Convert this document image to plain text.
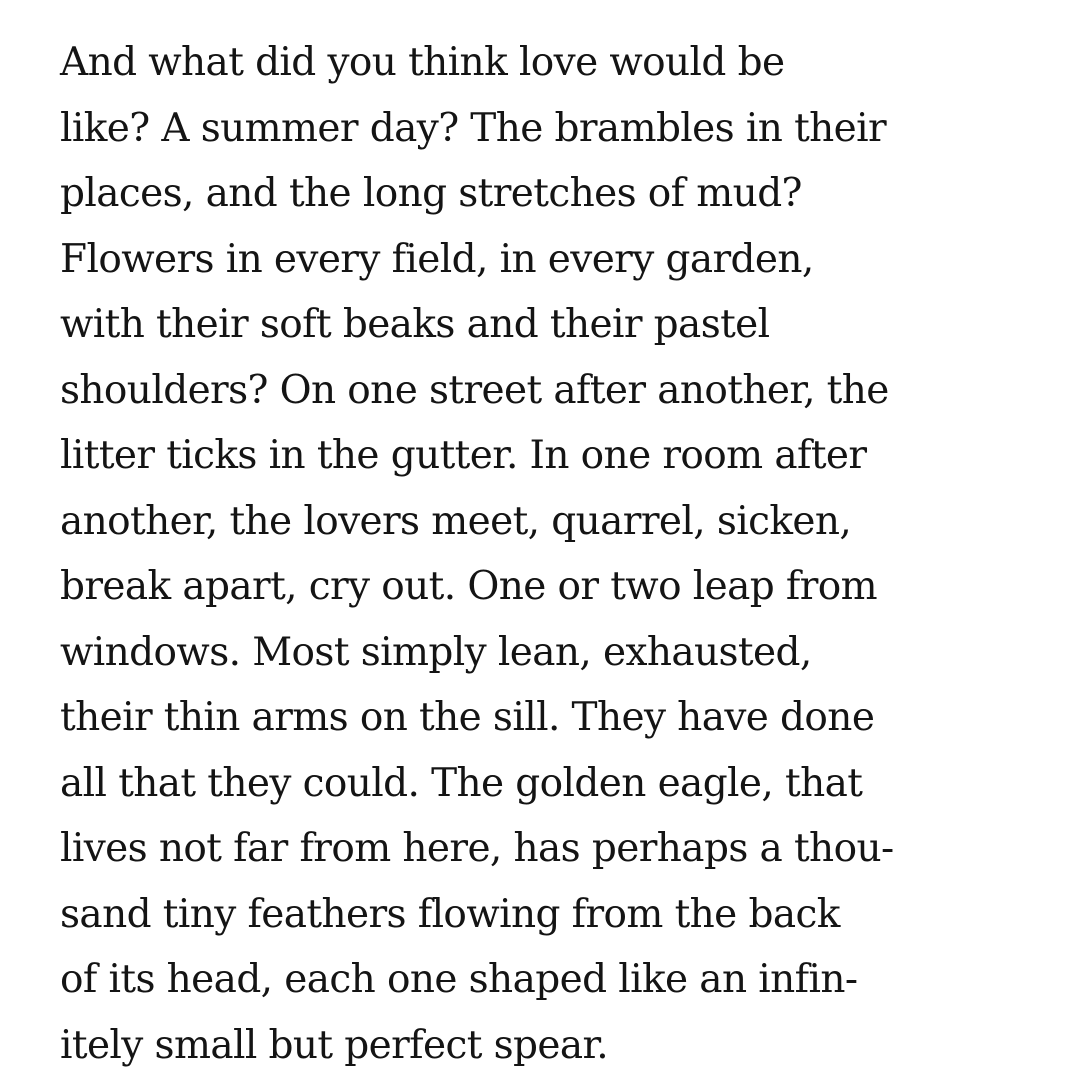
And what did you think love would be
like? A summer day? The brambles in their
places, and the long stretches of mud?
Flowers in every field, in every garden,
with their soft beaks and their pastel
shoulders? On one street after another, the
litter ticks in the gutter. In one room after
another, the lovers meet, quarrel, sicken,
break apart, cry out. One or two leap from
windows. Most simply lean, exhausted,
their thin arms on the sill. They have done
all that they could. The golden eagle, that
lives not far from here, has perhaps a thou-
sand tiny feathers flowing from the back
of its head, each one shaped like an infin-
itely small but perfect spear.
